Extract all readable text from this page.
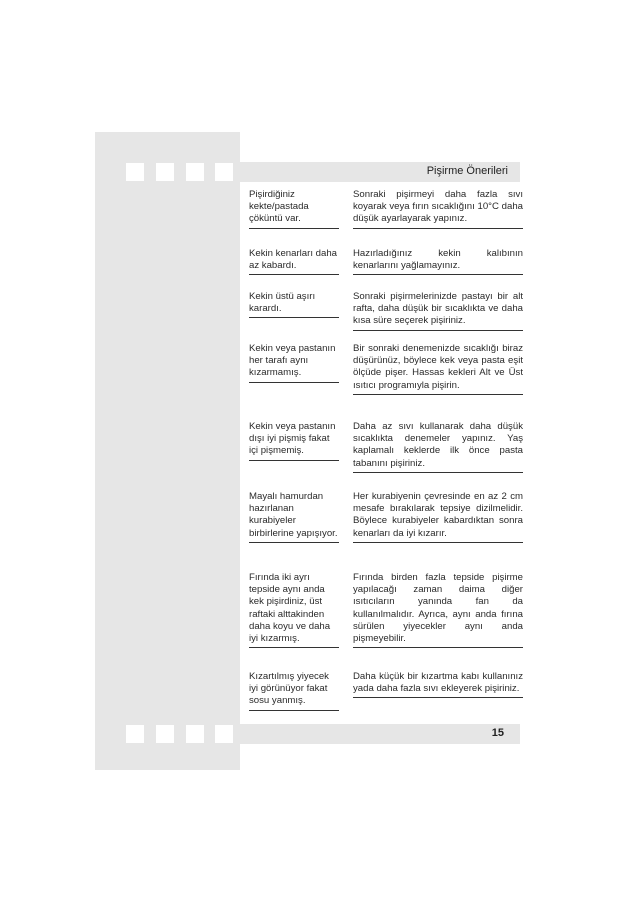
Pişirme Önerileri
15
Pişirdiğiniz kekte/pastada çöküntü var.
Sonraki pişirmeyi daha fazla sıvı koyarak veya fırın sıcaklığını 10°C daha düşük ayarlayarak yapınız.
Kekin kenarları daha az kabardı.
Hazırladığınız kekin kalıbının kenarlarını yağlamayınız.
Kekin üstü aşırı karardı.
Sonraki pişirmelerinizde pastayı bir alt rafta, daha düşük bir sıcaklıkta ve daha kısa süre seçerek pişiriniz.
Kekin veya pastanın her tarafı aynı kızarmamış.
Bir sonraki denemenizde sıcaklığı biraz düşürünüz, böylece kek veya pasta eşit ölçüde pişer. Hassas kekleri Alt ve Üst ısıtıcı programıyla pişirin.
Kekin veya pastanın dışı iyi pişmiş fakat içi pişmemiş.
Daha az sıvı kullanarak daha düşük sıcaklıkta denemeler yapınız. Yaş kaplamalı keklerde ilk önce pasta tabanını pişiriniz.
Mayalı hamurdan hazırlanan kurabiyeler birbirlerine yapışıyor.
Her kurabiyenin çevresinde en az 2 cm mesafe bırakılarak tepsiye dizilmelidir. Böylece kurabiyeler kabardıktan sonra kenarları da iyi kızarır.
Fırında iki ayrı tepside aynı anda kek pişirdiniz, üst raftaki alttakinden daha koyu ve daha iyi kızarmış.
Fırında birden fazla tepside pişirme yapılacağı zaman daima diğer ısıtıcıların yanında fan da kullanılmalıdır. Ayrıca, aynı anda fırına sürülen yiyecekler aynı anda pişmeyebilir.
Kızartılmış yiyecek iyi görünüyor fakat sosu yanmış.
Daha küçük bir kızartma kabı kullanınız yada daha fazla sıvı ekleyerek pişiriniz.
